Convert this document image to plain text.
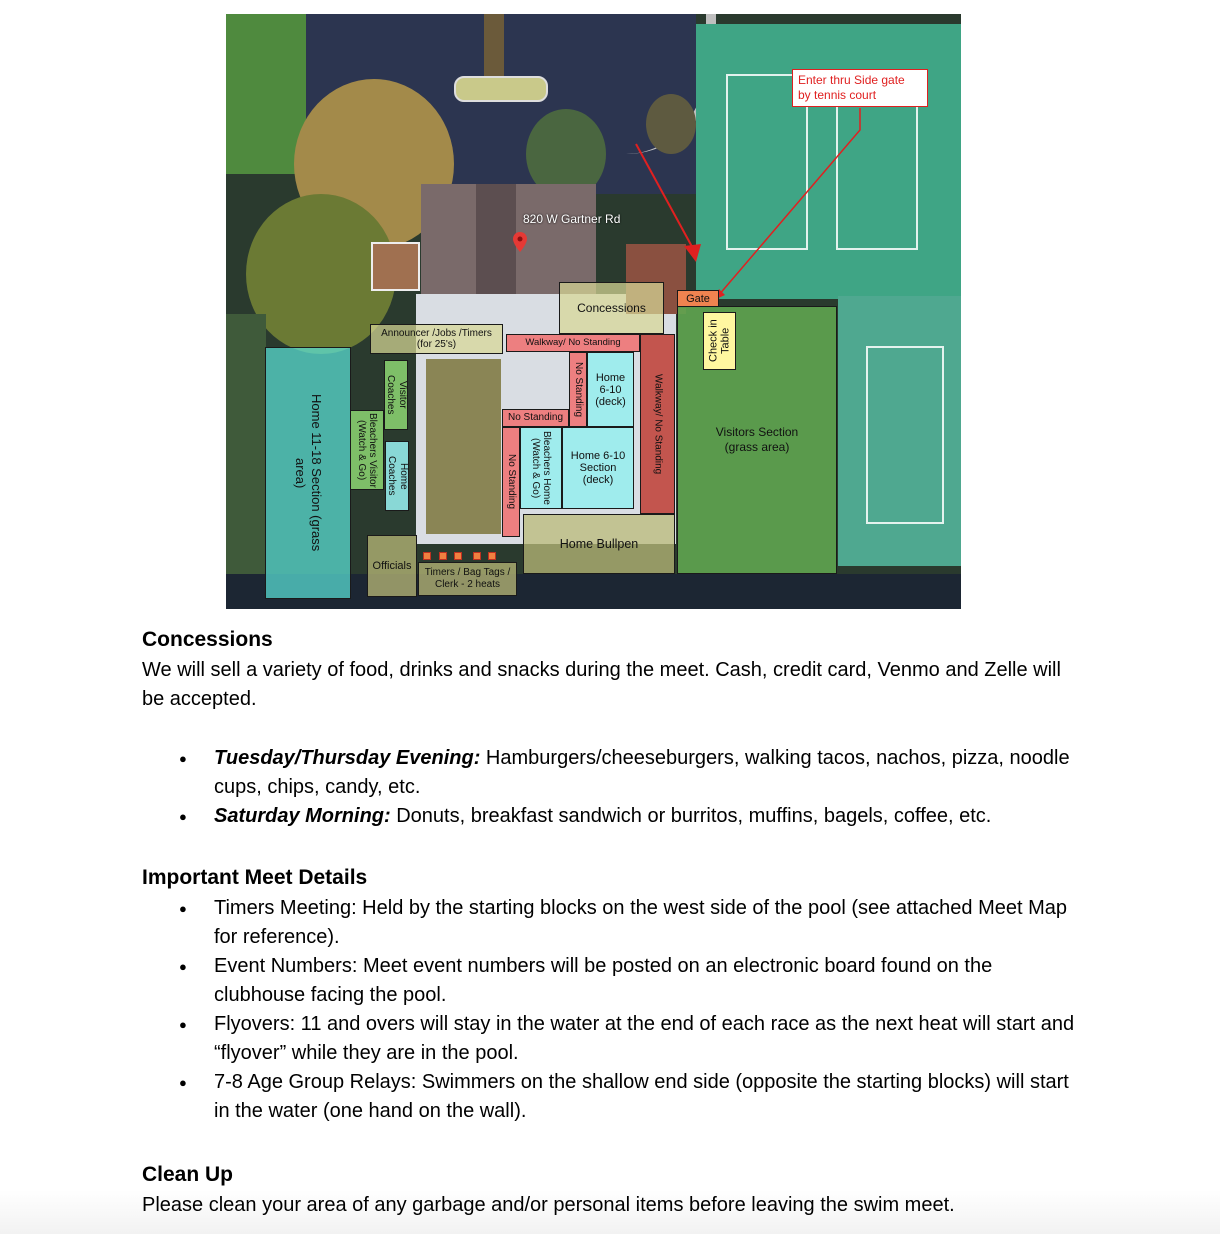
Enter thru Side gate
by tennis court
820 W Gartner Rd
Gate
Visitors Section (grass area)
Check in Table
Concessions
Announcer /Jobs /Timers (for 25's)	Walkway/ No Standing
Walkway/ No Standing
No Standing	Home 6-10 (deck)
No Standing
No Standing	Bleachers Home (Watch & Go)	Home 6-10 Section (deck)
Visitor Coaches
Home Coaches
Bleachers Visitor (Watch & Go)
Home 11-18 Section (grass area)
Officials
Timers / Bag Tags / Clerk - 2 heats
Home Bullpen
Concessions
We will sell a variety of food, drinks and snacks during the meet. Cash, credit card, Venmo and Zelle will be accepted.
● Tuesday/Thursday Evening: Hamburgers/cheeseburgers, walking tacos, nachos, pizza, noodle cups, chips, candy, etc.
● Saturday Morning: Donuts, breakfast sandwich or burritos, muffins, bagels, coffee, etc.
Important Meet Details
● Timers Meeting: Held by the starting blocks on the west side of the pool (see attached Meet Map for reference).
● Event Numbers: Meet event numbers will be posted on an electronic board found on the clubhouse facing the pool.
● Flyovers: 11 and overs will stay in the water at the end of each race as the next heat will start and “flyover” while they are in the pool.
● 7-8 Age Group Relays: Swimmers on the shallow end side (opposite the starting blocks) will start in the water (one hand on the wall).
Clean Up
Please clean your area of any garbage and/or personal items before leaving the swim meet.
